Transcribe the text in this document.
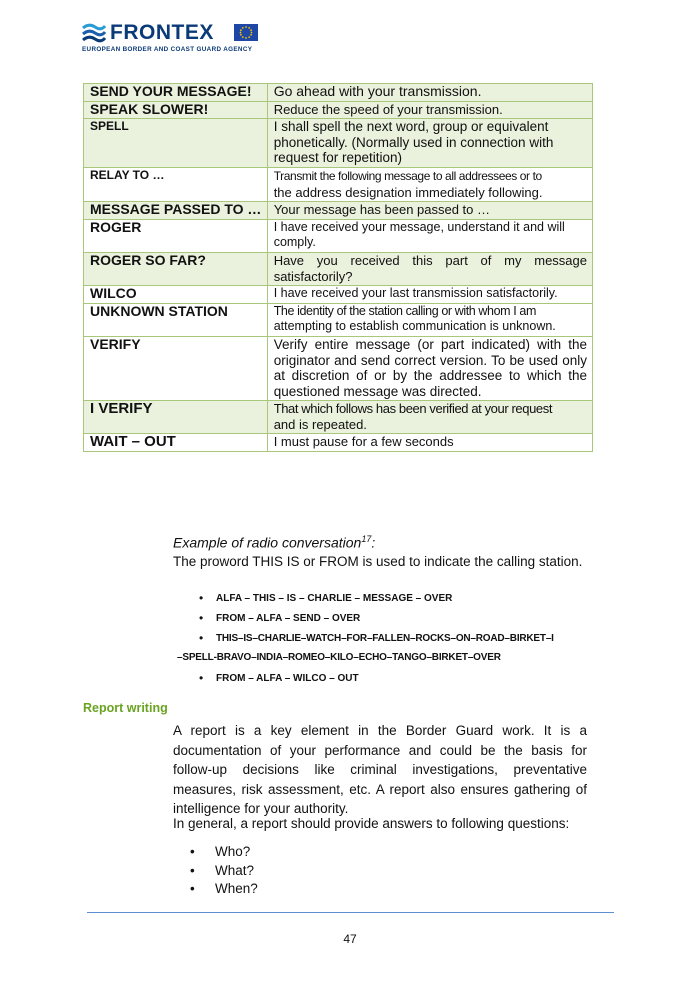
FRONTEX
EUROPEAN BORDER AND COAST GUARD AGENCY
SEND YOUR MESSAGE!	Go ahead with your transmission.
SPEAK SLOWER!	Reduce the speed of your transmission.
SPELL	I shall spell the next word, group or equivalent phonetically. (Normally used in connection with request for repetition)
RELAY TO …	Transmit the following message to all addressees or to
the address designation immediately following.
MESSAGE PASSED TO …	Your message has been passed to …
ROGER	I have received your message, understand it and will comply.
ROGER SO FAR?	Have you received this part of my message satisfactorily?
WILCO	I have received your last transmission satisfactorily.
UNKNOWN STATION	The identity of the station calling or with whom I am
attempting to establish communication is unknown.
VERIFY	Verify entire message (or part indicated) with the originator and send correct version. To be used only at discretion of or by the addressee to which the questioned message was directed.
I VERIFY	That which follows has been verified at your request
and is repeated.
WAIT – OUT	I must pause for a few seconds
Example of radio conversation$^{17}$:
The proword THIS IS or FROM is used to indicate the calling station.
• ALFA – THIS – IS – CHARLIE – MESSAGE – OVER
• FROM – ALFA – SEND – OVER
• THIS–IS–CHARLIE–WATCH–FOR–FALLEN–ROCKS–ON–ROAD–BIRKET–I
–SPELL-BRAVO–INDIA–ROMEO–KILO–ECHO–TANGO–BIRKET–OVER
• FROM – ALFA – WILCO – OUT
Report writing
A report is a key element in the Border Guard work. It is a documentation of your performance and could be the basis for follow-up decisions like criminal investigations, preventative measures, risk assessment, etc. A report also ensures gathering of intelligence for your authority.
In general, a report should provide answers to following questions:
• Who?
• What?
• When?
47
